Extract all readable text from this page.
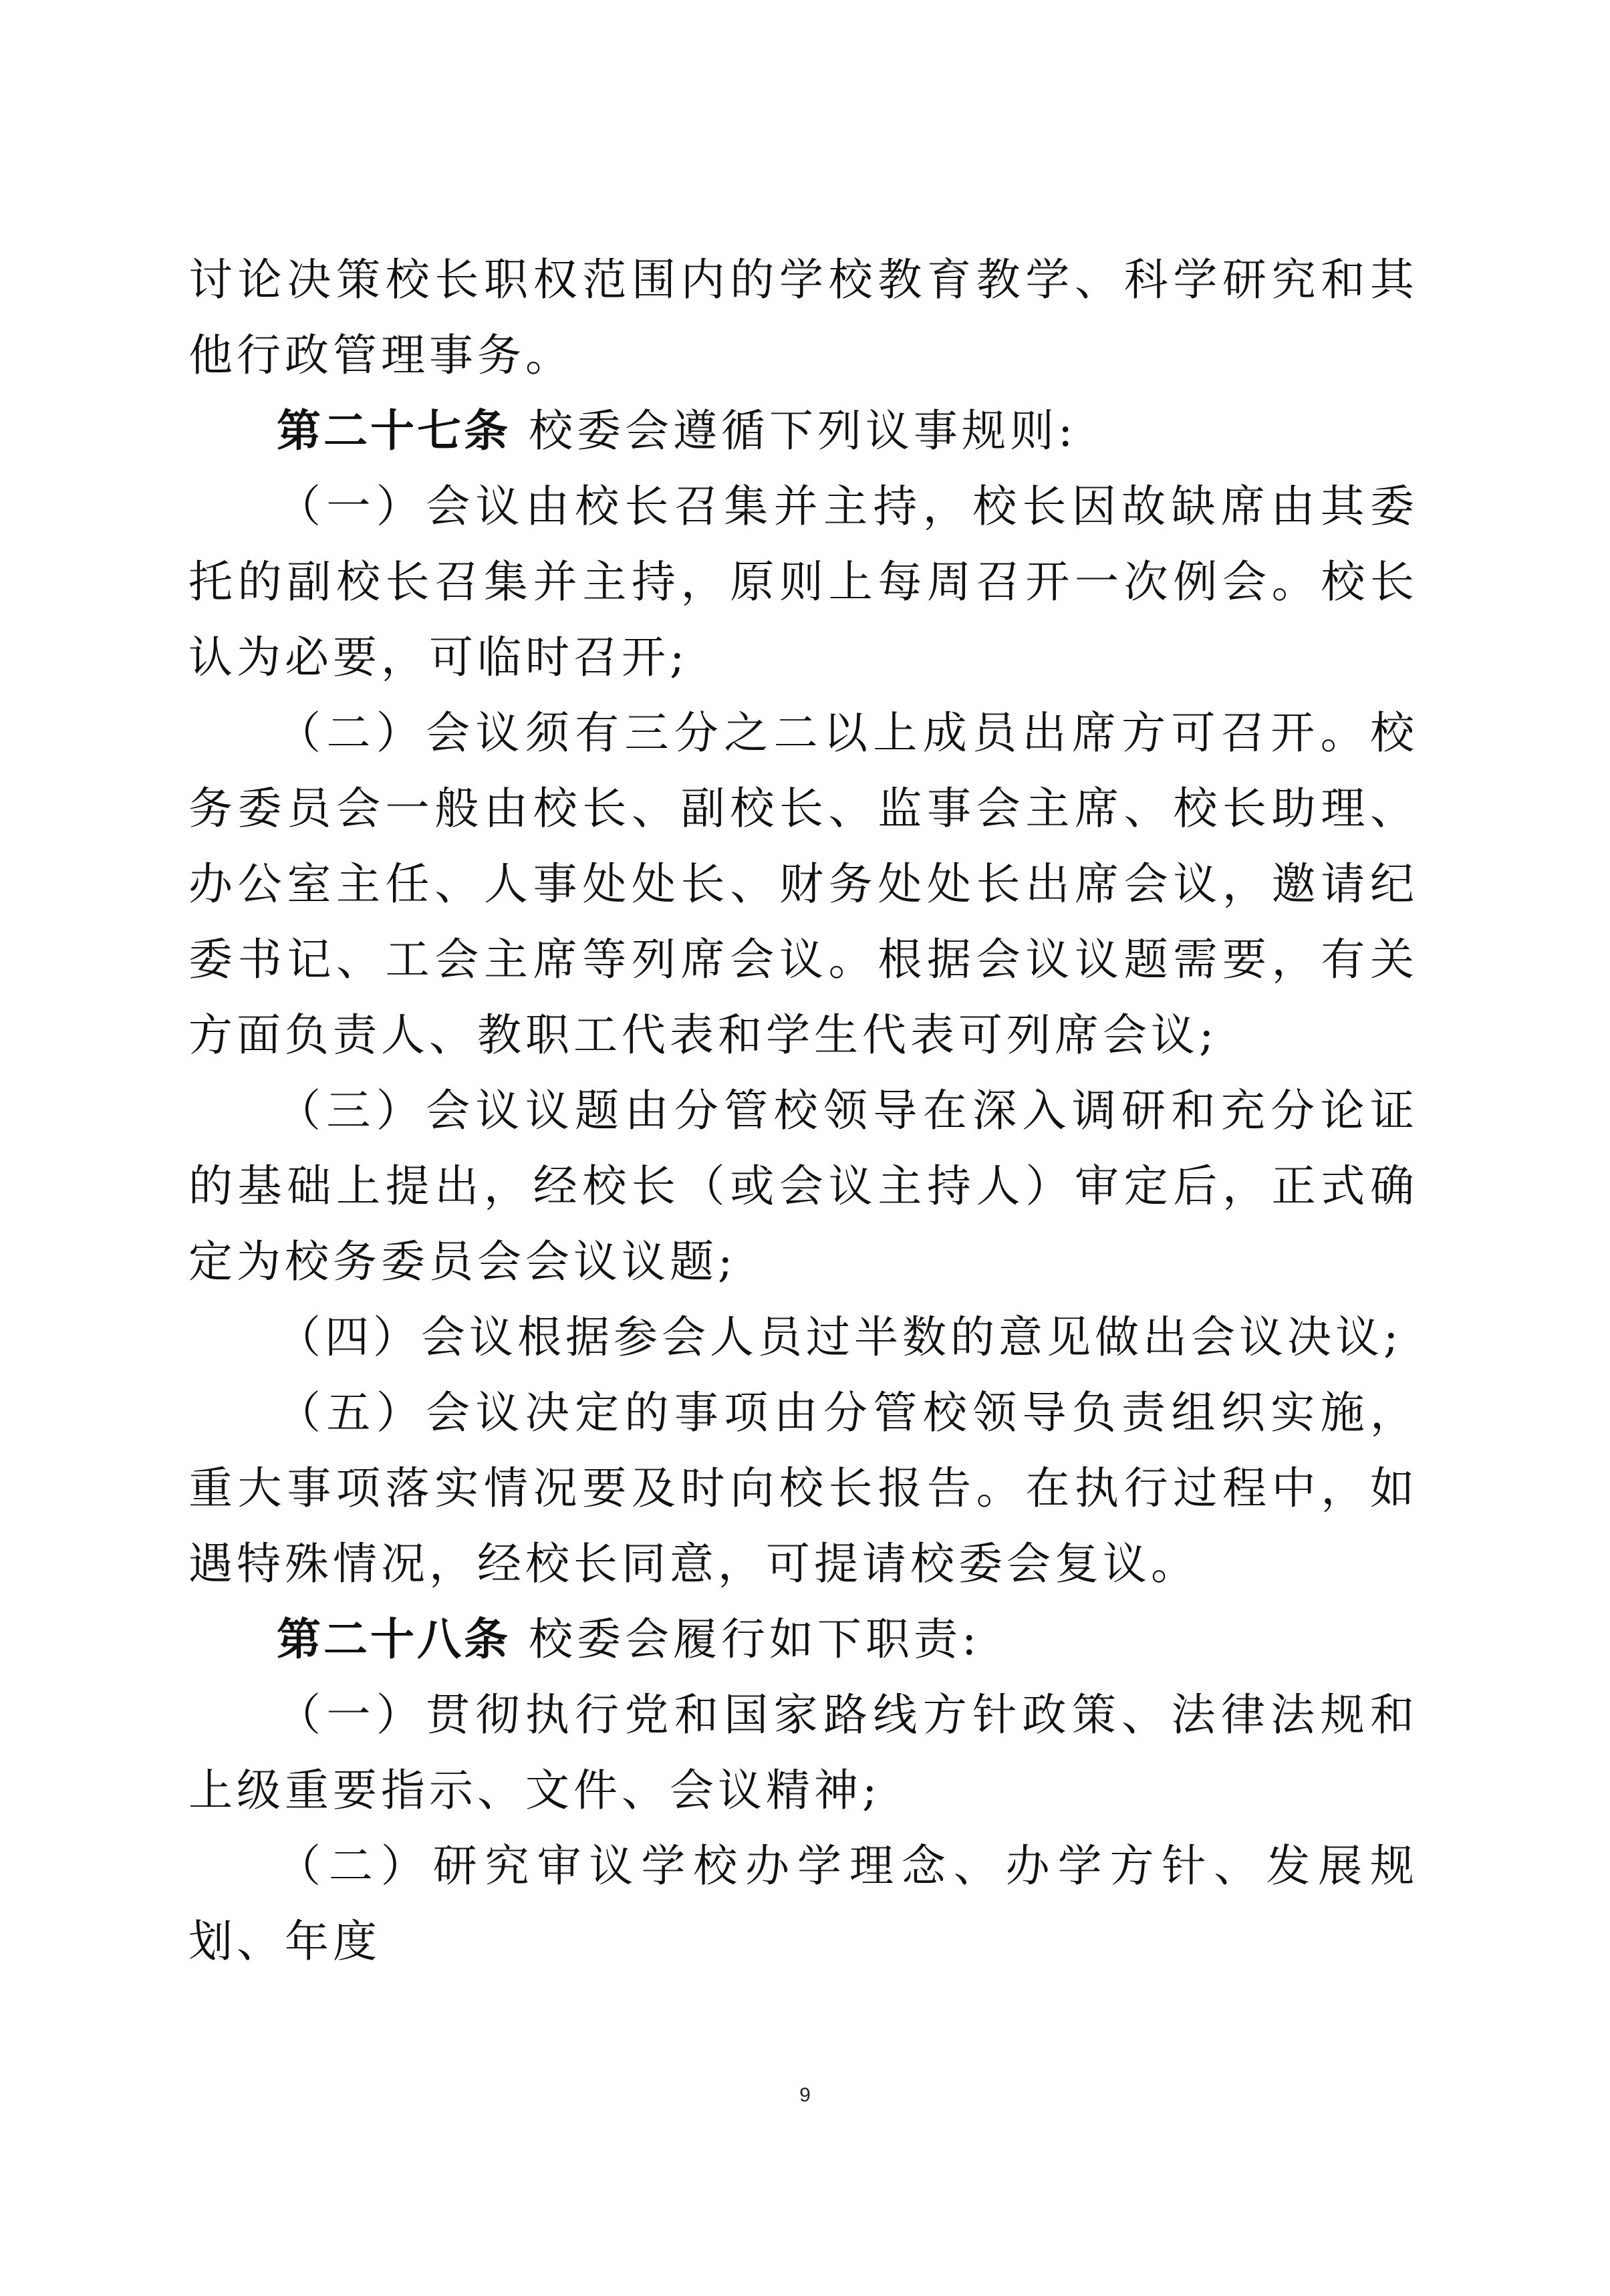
讨论决策校长职权范围内的学校教育教学、科学研究和其他行政管理事务。

第二十七条 校委会遵循下列议事规则:

（一）会议由校长召集并主持，校长因故缺席由其委托的副校长召集并主持，原则上每周召开一次例会。校长认为必要，可临时召开;

（二）会议须有三分之二以上成员出席方可召开。校务委员会一般由校长、副校长、监事会主席、校长助理、办公室主任、人事处处长、财务处处长出席会议，邀请纪委书记、工会主席等列席会议。根据会议议题需要，有关方面负责人、教职工代表和学生代表可列席会议;

（三）会议议题由分管校领导在深入调研和充分论证的基础上提出，经校长（或会议主持人）审定后，正式确定为校务委员会会议议题;

（四）会议根据参会人员过半数的意见做出会议决议;

（五）会议决定的事项由分管校领导负责组织实施，重大事项落实情况要及时向校长报告。在执行过程中，如遇特殊情况，经校长同意，可提请校委会复议。

第二十八条 校委会履行如下职责:

（一）贯彻执行党和国家路线方针政策、法律法规和上级重要指示、文件、会议精神;

（二）研究审议学校办学理念、办学方针、发展规划、年度

9
